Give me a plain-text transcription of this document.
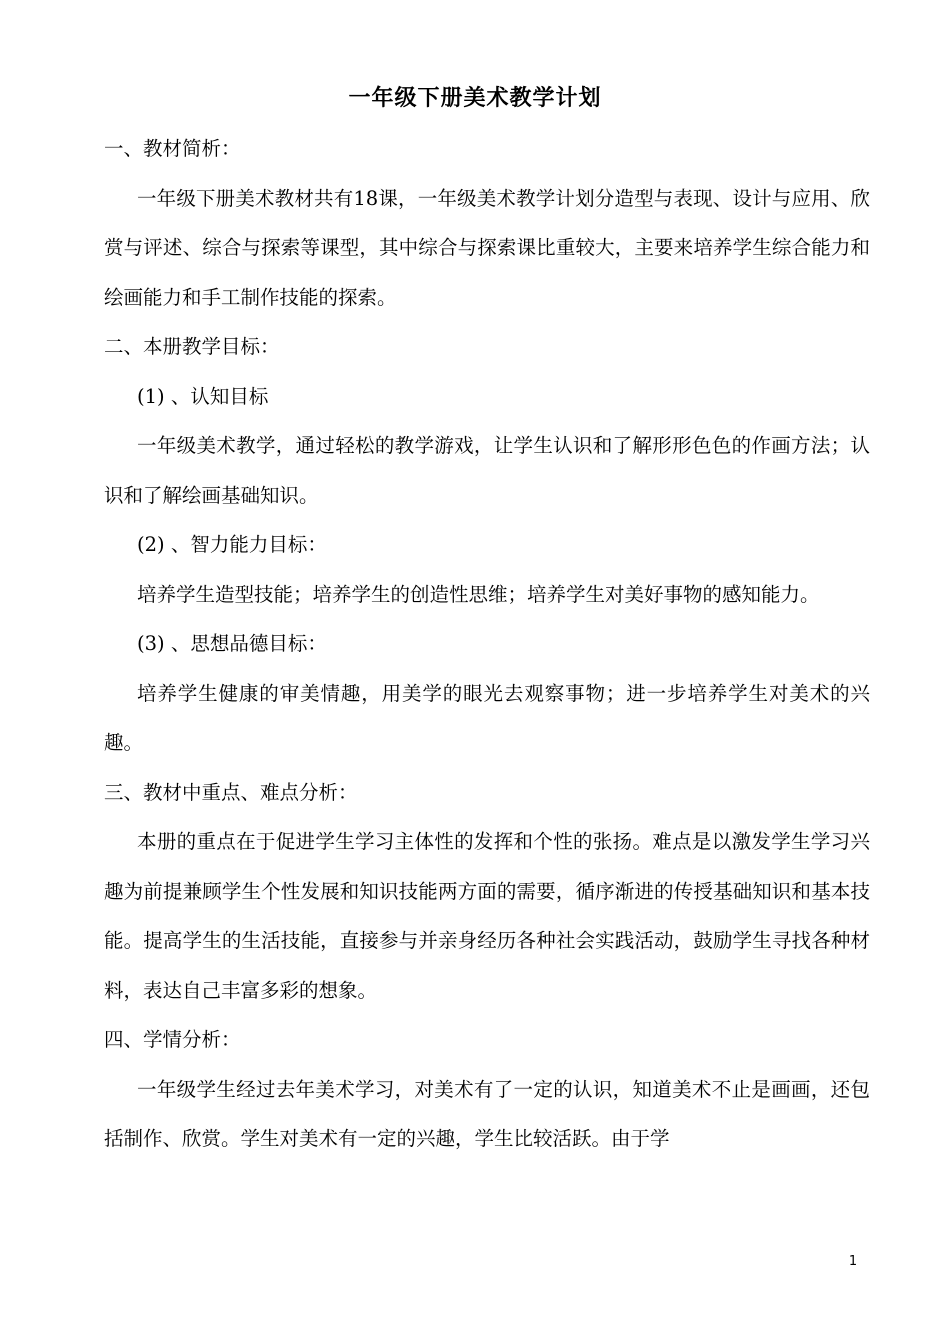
一年级下册美术教学计划

一、教材简析：

一年级下册美术教材共有18课，一年级美术教学计划分造型与表现、设计与应用、欣赏与评述、综合与探索等课型，其中综合与探索课比重较大，主要来培养学生综合能力和绘画能力和手工制作技能的探索。

二、本册教学目标：

(1) 、认知目标

一年级美术教学，通过轻松的教学游戏，让学生认识和了解形形色色的作画方法；认识和了解绘画基础知识。

(2) 、智力能力目标：

培养学生造型技能；培养学生的创造性思维；培养学生对美好事物的感知能力。

(3) 、思想品德目标：

培养学生健康的审美情趣，用美学的眼光去观察事物；进一步培养学生对美术的兴趣。

三、教材中重点、难点分析：

本册的重点在于促进学生学习主体性的发挥和个性的张扬。难点是以激发学生学习兴趣为前提兼顾学生个性发展和知识技能两方面的需要，循序渐进的传授基础知识和基本技能。提高学生的生活技能，直接参与并亲身经历各种社会实践活动，鼓励学生寻找各种材料，表达自己丰富多彩的想象。

四、学情分析：

一年级学生经过去年美术学习，对美术有了一定的认识，知道美术不止是画画，还包括制作、欣赏。学生对美术有一定的兴趣，学生比较活跃。由于学

1
